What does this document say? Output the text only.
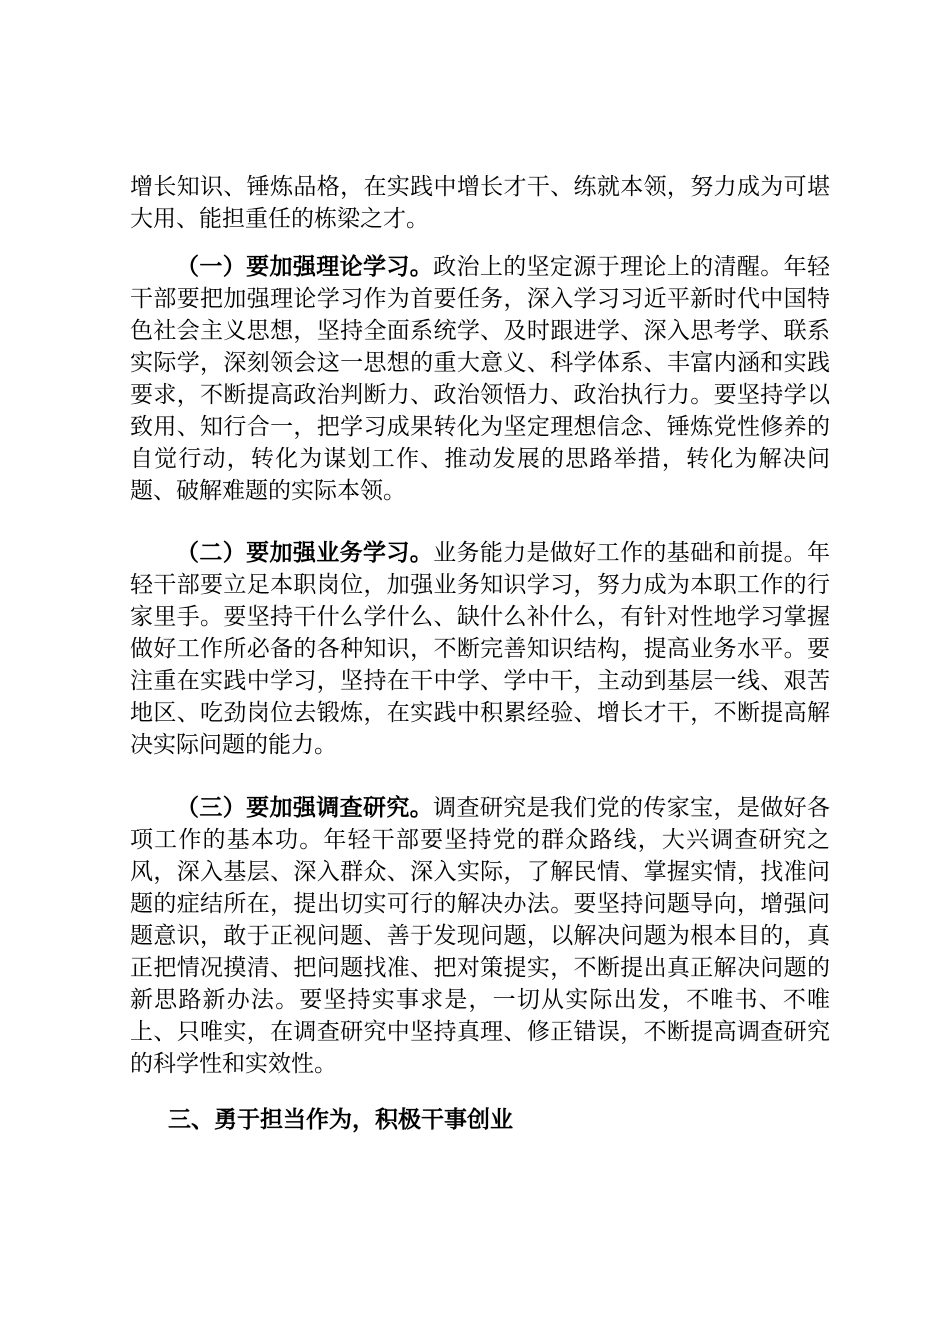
增长知识、锤炼品格，在实践中增长才干、练就本领，努力成为可堪大用、能担重任的栋梁之才。

（一）要加强理论学习。政治上的坚定源于理论上的清醒。年轻干部要把加强理论学习作为首要任务，深入学习习近平新时代中国特色社会主义思想，坚持全面系统学、及时跟进学、深入思考学、联系实际学，深刻领会这一思想的重大意义、科学体系、丰富内涵和实践要求，不断提高政治判断力、政治领悟力、政治执行力。要坚持学以致用、知行合一，把学习成果转化为坚定理想信念、锤炼党性修养的自觉行动，转化为谋划工作、推动发展的思路举措，转化为解决问题、破解难题的实际本领。

（二）要加强业务学习。业务能力是做好工作的基础和前提。年轻干部要立足本职岗位，加强业务知识学习，努力成为本职工作的行家里手。要坚持干什么学什么、缺什么补什么，有针对性地学习掌握做好工作所必备的各种知识，不断完善知识结构，提高业务水平。要注重在实践中学习，坚持在干中学、学中干，主动到基层一线、艰苦地区、吃劲岗位去锻炼，在实践中积累经验、增长才干，不断提高解决实际问题的能力。

（三）要加强调查研究。调查研究是我们党的传家宝，是做好各项工作的基本功。年轻干部要坚持党的群众路线，大兴调查研究之风，深入基层、深入群众、深入实际，了解民情、掌握实情，找准问题的症结所在，提出切实可行的解决办法。要坚持问题导向，增强问题意识，敢于正视问题、善于发现问题，以解决问题为根本目的，真正把情况摸清、把问题找准、把对策提实，不断提出真正解决问题的新思路新办法。要坚持实事求是，一切从实际出发，不唯书、不唯上、只唯实，在调查研究中坚持真理、修正错误，不断提高调查研究的科学性和实效性。

三、勇于担当作为，积极干事创业
